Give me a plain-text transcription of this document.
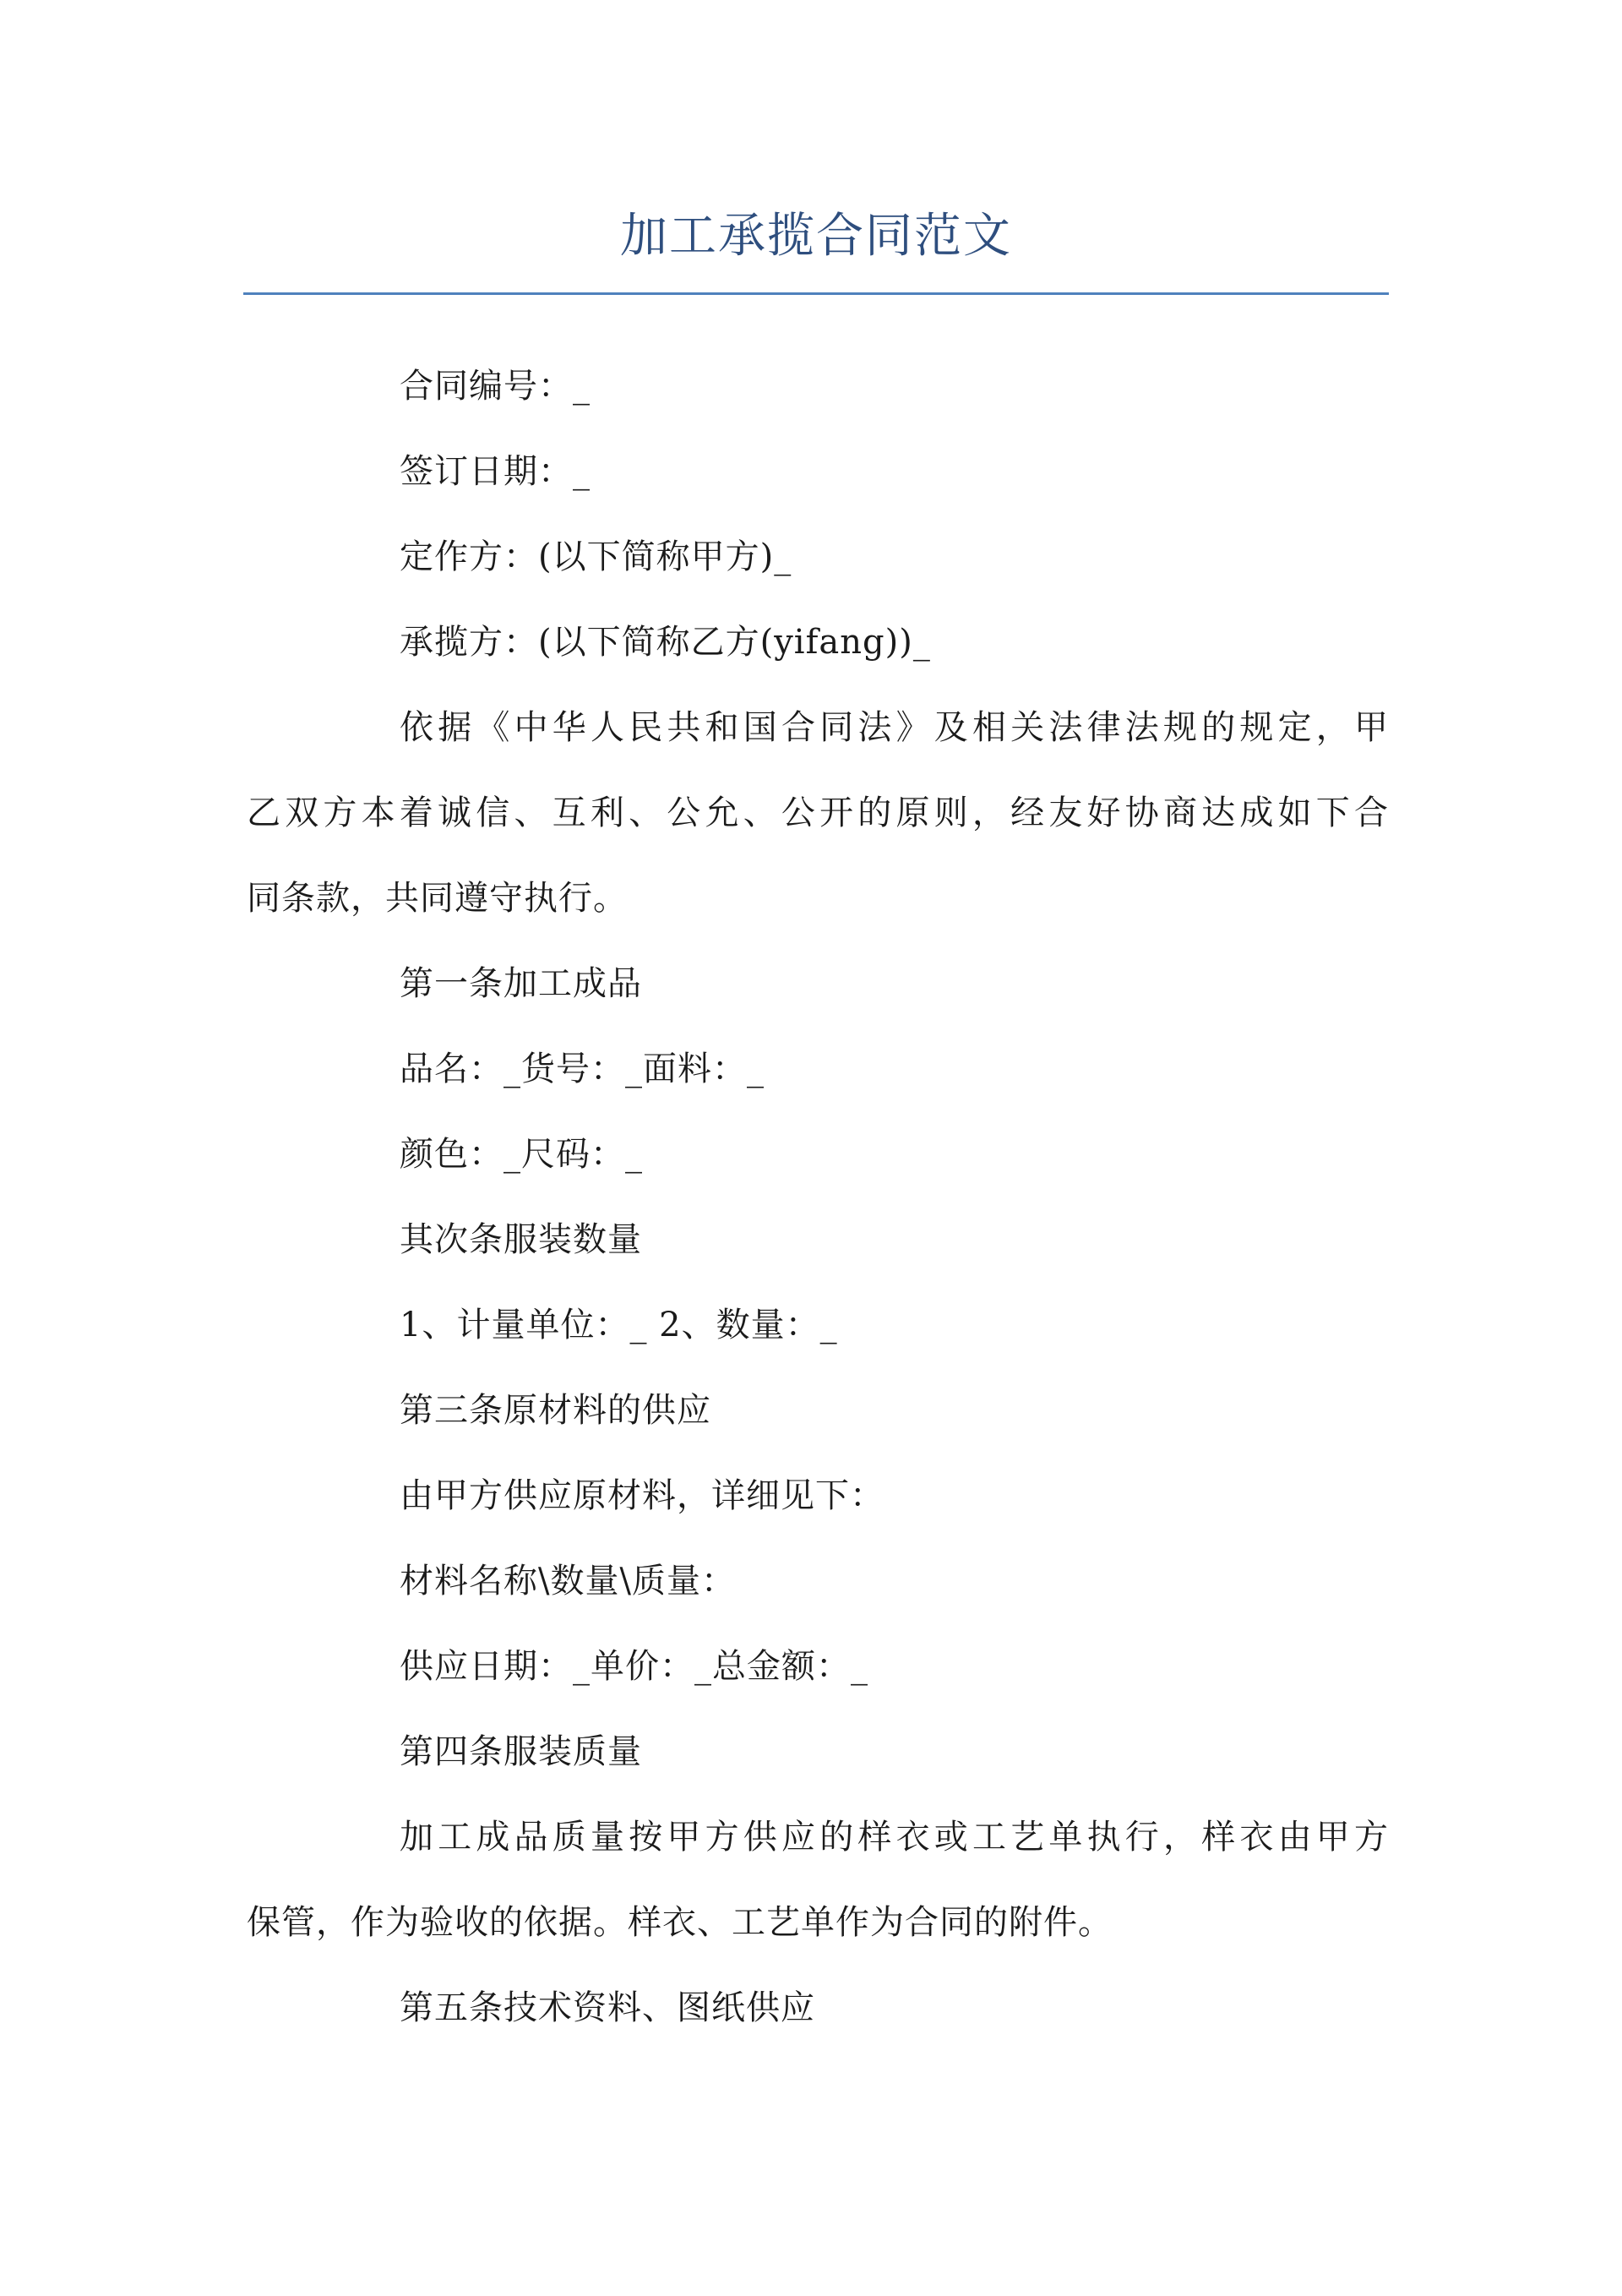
加工承揽合同范文

合同编号：_

签订日期：_

定作方：(以下简称甲方)_

承揽方：(以下简称乙方(yifang))_

依据《中华人民共和国合同法》及相关法律法规的规定，甲

乙双方本着诚信、互利、公允、公开的原则，经友好协商达成如下合

同条款，共同遵守执行。

第一条加工成品

品名：_货号：_面料：_

颜色：_尺码：_

其次条服装数量

1、计量单位：_ 2、数量：_

第三条原材料的供应

由甲方供应原材料，详细见下：

材料名称\数量\质量：

供应日期：_单价：_总金额：_

第四条服装质量

加工成品质量按甲方供应的样衣或工艺单执行，样衣由甲方

保管，作为验收的依据。样衣、工艺单作为合同的附件。

第五条技术资料、图纸供应
